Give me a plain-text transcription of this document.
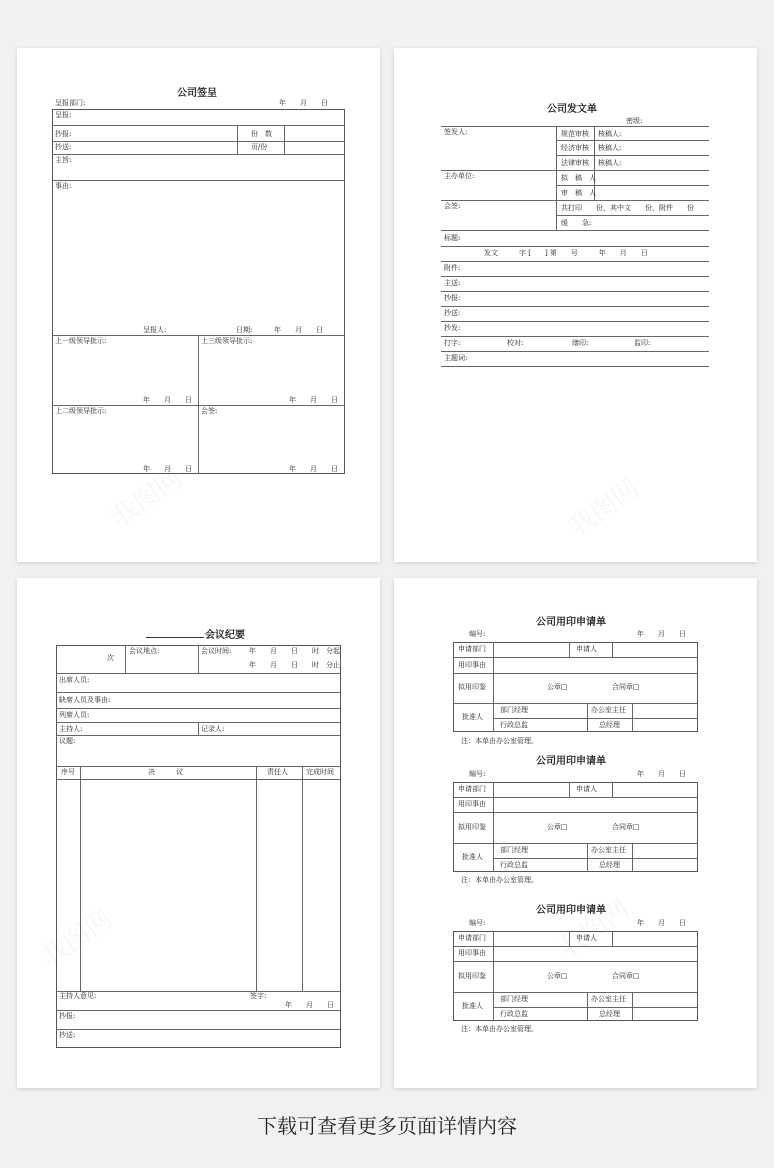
公司签呈
呈报部门:	年　　月　　日
呈报:
抄报:	份　数
抄送:	页/份
主旨:
事由:
呈报人:	日期:	年　　月　　日
上一级领导批示:	上三级领导批示:
年　　月　　日	年　　月　　日
上二级领导批示:	会签:
年　　月　　日	年　　月　　日
公司发文单
密级:
签发人:	规范审核 核稿人:
经济审核 核稿人:
法律审核 核稿人:
主办单位:	拟　稿　人
审　稿　人
会签:	共打印　　份，其中文　　份，附件　　份
缓　　急:
标题:
发文　　　字 [　　] 第　　号　　　年　　月　　日
附件:
主送:
抄报:
抄送:
抄发:
打字:	校对:	缮印:	监印:
主题词:
会议纪要
次
会议地点:	会议时间:	年　　月　　日　　时　分起
年　　月　　日　　时　分止
出席人员:
缺席人员及事由:
列席人员:
主持人:	记录人:
议题:
序号	决　　　议	责任人	完成时间
主持人意见:	签字:
年　　月　　日
抄报:
抄送:
公司用印申请单
编号:	年　　月　　日
申请部门	申请人
用印事由
拟用印鉴	公章□	合同章□
批准人
部门经理	办公室主任
行政总监	总经理
注：本单由办公室管理。
公司用印申请单
编号:	年　　月　　日
申请部门	申请人
用印事由
拟用印鉴	公章□	合同章□
批准人
部门经理	办公室主任
行政总监	总经理
注：本单由办公室管理。
公司用印申请单
编号:	年　　月　　日
申请部门	申请人
用印事由
拟用印鉴	公章□	合同章□
批准人
部门经理	办公室主任
行政总监	总经理
注：本单由办公室管理。
下载可查看更多页面详情内容
